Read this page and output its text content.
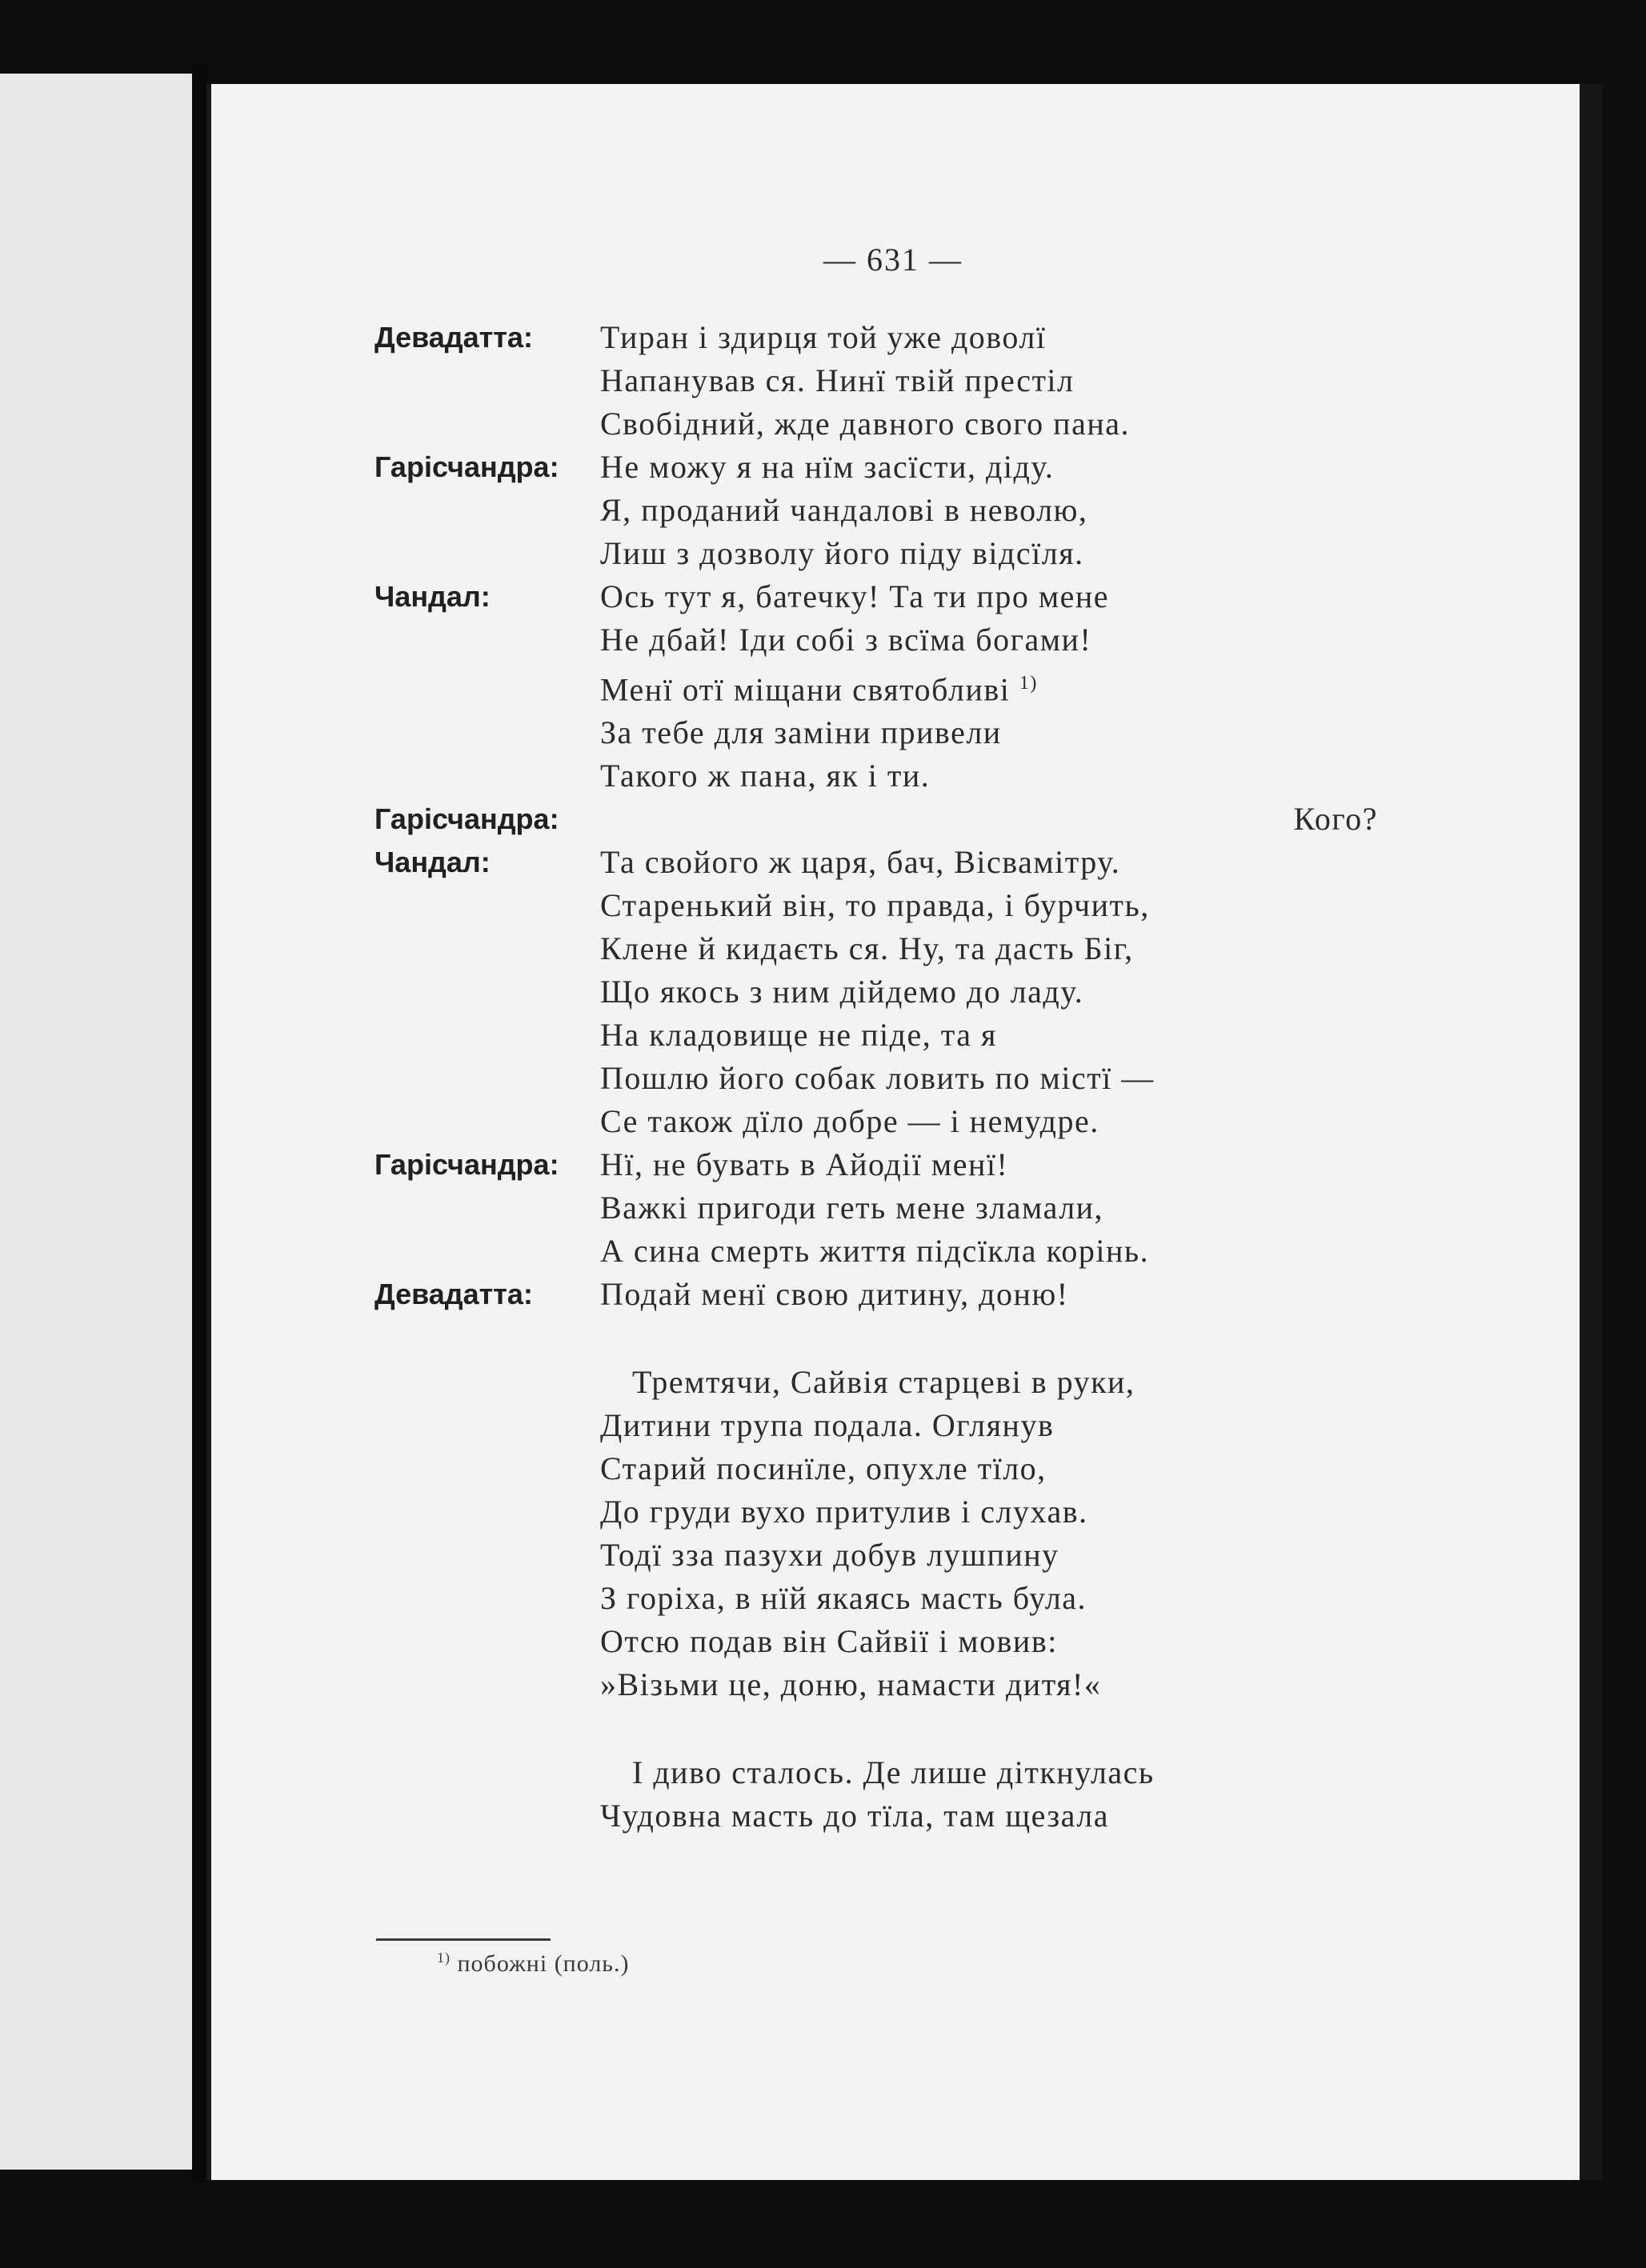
— 631 —
Девадатта:	Тиран і здирця той уже доволї
Напанував ся. Нинї твій престіл
Свобідний, жде давного свого пана.
Гарісчандра:	Не можу я на нїм засїсти, діду.
Я, проданий чандалові в неволю,
Лиш з дозволу його піду відсїля.
Чандал:	Ось тут я, батечку! Та ти про мене
Не дбай! Іди собі з всїма богами!
Менї отї міщани святобливі $^{1)}$
За тебе для заміни привели
Такого ж пана, як і ти.
Гарісчандра:	Кого?
Чандал:	Та свойого ж царя, бач, Вісвамітру.
Старенький він, то правда, і бурчить,
Клене й кидаєть ся. Ну, та дасть Біг,
Що якось з ним дійдемо до ладу.
На кладовище не піде, та я
Пошлю його собак ловить по містї —
Се також дїло добре — і немудре.
Гарісчандра:	Нї, не бувать в Айодії менї!
Важкі пригоди геть мене зламали,
А сина смерть життя підсїкла корінь.
Девадатта:	Подай менї свою дитину, доню!
Тремтячи, Сайвія старцеві в руки,
Дитини трупа подала. Оглянув
Старий посинїле, опухле тїло,
До груди вухо притулив і слухав.
Тодї зза пазухи добув лушпину
З горіха, в нїй якаясь масть була.
Отсю подав він Сайвії і мовив:
»Візьми це, доню, намасти дитя!«
І диво сталось. Де лише діткнулась
Чудовна масть до тїла, там щезала
$^{1)}$ побожні (поль.)
